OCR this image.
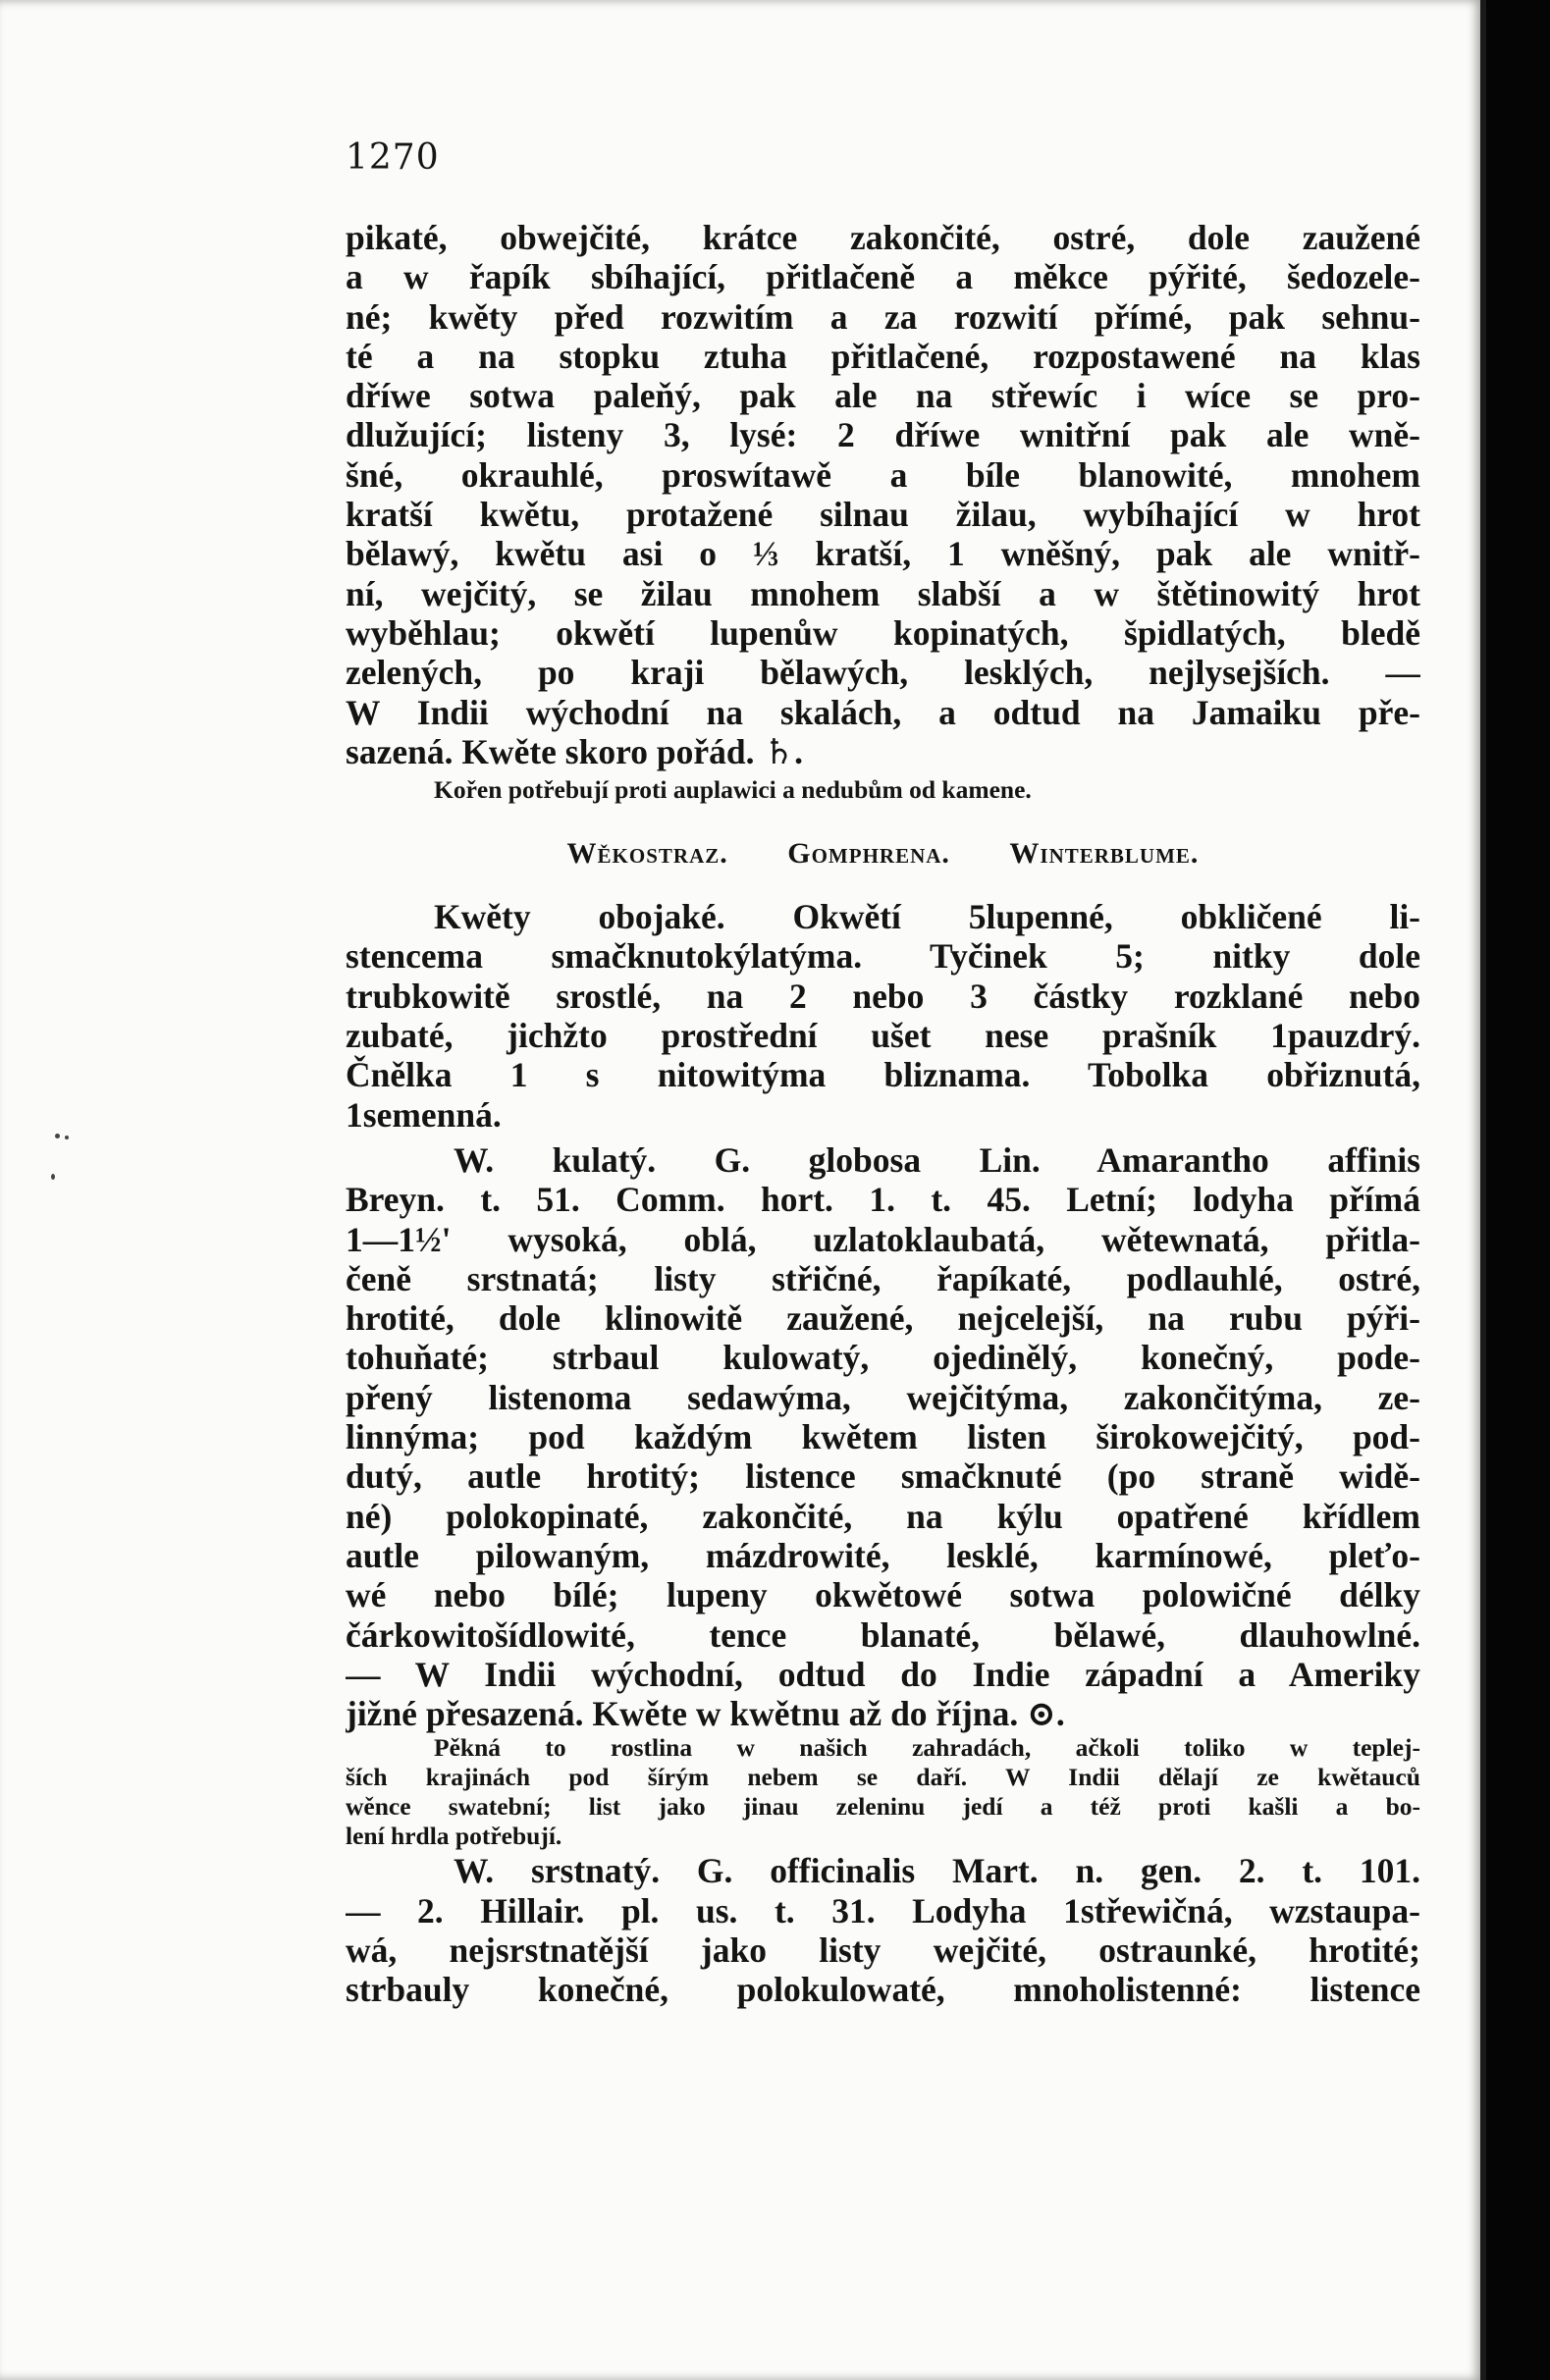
1270
pikaté, obwejčité, krátce zakončité, ostré, dole zaužené
a w řapík sbíhající, přitlačeně a měkce pýřité, šedozele-
né; kwěty před rozwitím a za rozwití přímé, pak sehnu-
té a na stopku ztuha přitlačené, rozpostawené na klas
dříwe sotwa paleňý, pak ale na střewíc i wíce se pro-
dlužující; listeny 3, lysé: 2 dříwe wnitřní pak ale wně-
šné, okrauhlé, proswítawě a bíle blanowité, mnohem
kratší kwětu, protažené silnau žilau, wybíhající w hrot
bělawý, kwětu asi o ⅓ kratší, 1 wněšný, pak ale wnitř-
ní, wejčitý, se žilau mnohem slabší a w štětinowitý hrot
wyběhlau; okwětí lupenůw kopinatých, špidlatých, bledě
zelených, po kraji bělawých, lesklých, nejlysejších. —
W Indii wýchodní na skalách, a odtud na Jamaiku pře-
sazená. Kwěte skoro pořád. ♄.
Kořen potřebují proti auplawici a nedubům od kamene.
Wěkostraz. Gomphrena. Winterblume.
Kwěty obojaké. Okwětí 5lupenné, obkličené li-
stencema smačknutokýlatýma. Tyčinek 5; nitky dole
trubkowitě srostlé, na 2 nebo 3 částky rozklané nebo
zubaté, jichžto prostřední ušet nese prašník 1pauzdrý.
Čnělka 1 s nitowitýma bliznama. Tobolka obřiznutá,
1semenná.
W. kulatý. G. globosa Lin. Amarantho affinis
Breyn. t. 51. Comm. hort. 1. t. 45. Letní; lodyha přímá
1—1½' wysoká, oblá, uzlatoklaubatá, wětewnatá, přitla-
čeně srstnatá; listy střičné, řapíkaté, podlauhlé, ostré,
hrotité, dole klinowitě zaužené, nejcelejší, na rubu pýři-
tohuňaté; strbaul kulowatý, ojedinělý, konečný, pode-
přený listenoma sedawýma, wejčitýma, zakončitýma, ze-
linnýma; pod každým kwětem listen širokowejčitý, pod-
dutý, autle hrotitý; listence smačknuté (po straně widě-
né) polokopinaté, zakončité, na kýlu opatřené křídlem
autle pilowaným, mázdrowité, lesklé, karmínowé, pleťo-
wé nebo bílé; lupeny okwětowé sotwa polowičné délky
čárkowitošídlowité, tence blanaté, bělawé, dlauhowlné.
— W Indii wýchodní, odtud do Indie západní a Ameriky
jižné přesazená. Kwěte w kwětnu až do října. ⊙.
Pěkná to rostlina w našich zahradách, ačkoli toliko w teplej-
ších krajinách pod šírým nebem se daří. W Indii dělají ze kwětauců
wěnce swatební; list jako jinau zeleninu jedí a též proti kašli a bo-
lení hrdla potřebují.
W. srstnatý. G. officinalis Mart. n. gen. 2. t. 101.
— 2. Hillair. pl. us. t. 31. Lodyha 1střewičná, wzstaupa-
wá, nejsrstnatější jako listy wejčité, ostraunké, hrotité;
strbauly konečné, polokulowaté, mnoholistenné: listence
